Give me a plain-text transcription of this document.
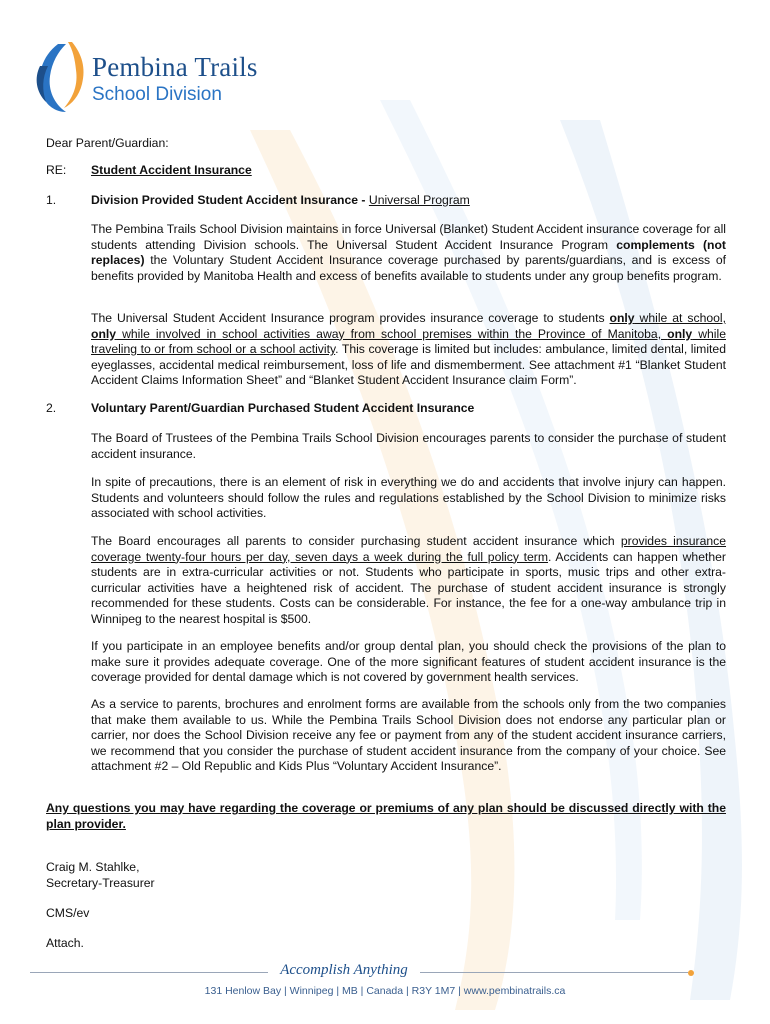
Pembina Trails
School Division

Dear Parent/Guardian:

RE: Student Accident Insurance

1.	Division Provided Student Accident Insurance - Universal Program

The Pembina Trails School Division maintains in force Universal (Blanket) Student Accident insurance coverage for all students attending Division schools. The Universal Student Accident Insurance Program complements (not replaces) the Voluntary Student Accident Insurance coverage purchased by parents/guardians, and is excess of benefits provided by Manitoba Health and excess of benefits available to students under any group benefits program.

The Universal Student Accident Insurance program provides insurance coverage to students only while at school, only while involved in school activities away from school premises within the Province of Manitoba, only while traveling to or from school or a school activity. This coverage is limited but includes: ambulance, limited dental, limited eyeglasses, accidental medical reimbursement, loss of life and dismemberment. See attachment #1 “Blanket Student Accident Claims Information Sheet” and “Blanket Student Accident Insurance claim Form”.

2.	Voluntary Parent/Guardian Purchased Student Accident Insurance

The Board of Trustees of the Pembina Trails School Division encourages parents to consider the purchase of student accident insurance.

In spite of precautions, there is an element of risk in everything we do and accidents that involve injury can happen. Students and volunteers should follow the rules and regulations established by the School Division to minimize risks associated with school activities.

The Board encourages all parents to consider purchasing student accident insurance which provides insurance coverage twenty-four hours per day, seven days a week during the full policy term. Accidents can happen whether students are in extra-curricular activities or not. Students who participate in sports, music trips and other extra-curricular activities have a heightened risk of accident. The purchase of student accident insurance is strongly recommended for these students. Costs can be considerable. For instance, the fee for a one-way ambulance trip in Winnipeg to the nearest hospital is $500.

If you participate in an employee benefits and/or group dental plan, you should check the provisions of the plan to make sure it provides adequate coverage. One of the more significant features of student accident insurance is the coverage provided for dental damage which is not covered by government health services.

As a service to parents, brochures and enrolment forms are available from the schools only from the two companies that make them available to us. While the Pembina Trails School Division does not endorse any particular plan or carrier, nor does the School Division receive any fee or payment from any of the student accident insurance carriers, we recommend that you consider the purchase of student accident insurance from the company of your choice. See attachment #2 – Old Republic and Kids Plus “Voluntary Accident Insurance”.

Any questions you may have regarding the coverage or premiums of any plan should be discussed directly with the plan provider.

Craig M. Stahlke,

Secretary-Treasurer

CMS/ev

Attach.

Accomplish Anything
131 Henlow Bay | Winnipeg | MB | Canada | R3Y 1M7 | www.pembinatrails.ca
